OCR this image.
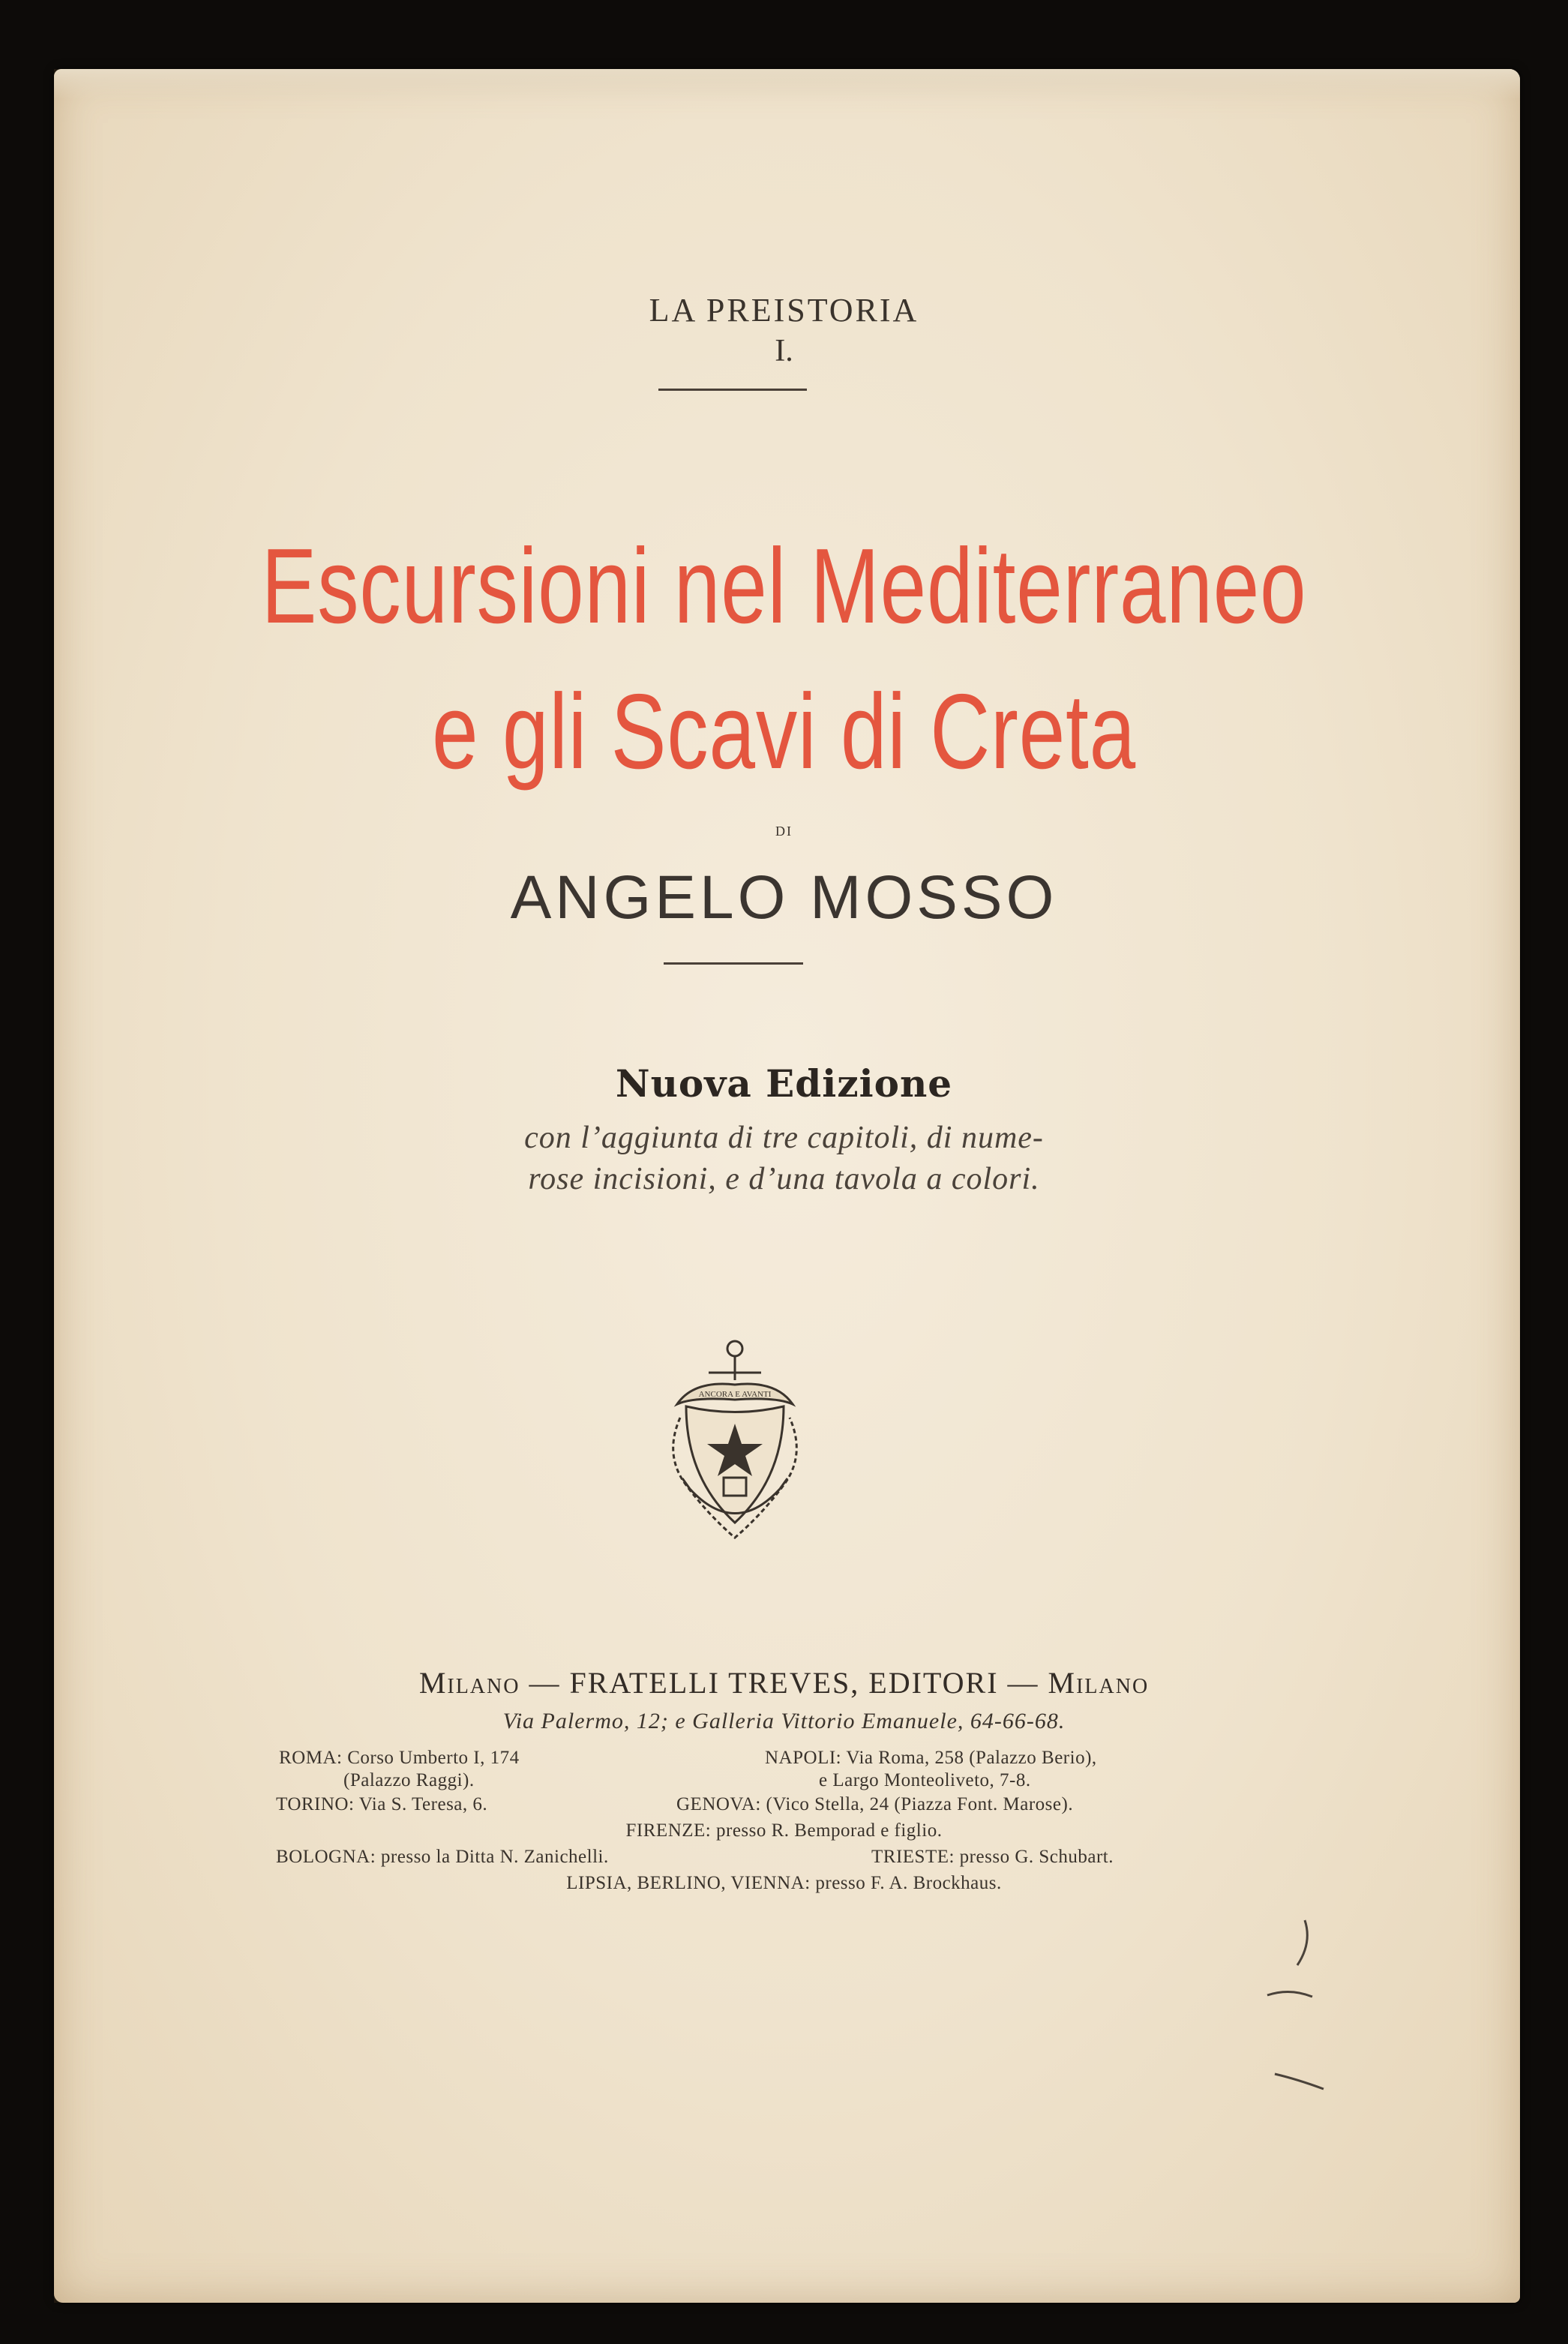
LA PREISTORIA
I.
Escursioni nel Mediterraneo
e gli Scavi di Creta
DI
ANGELO MOSSO
Nuova Edizione
con l’aggiunta di tre capitoli, di nume-
rose incisioni, e d’una tavola a colori.
ANCORA E AVANTI
Milano — FRATELLI TREVES, EDITORI — Milano
Via Palermo, 12; e Galleria Vittorio Emanuele, 64-66-68.
ROMA: Corso Umberto I, 174
(Palazzo Raggi).
NAPOLI: Via Roma, 258 (Palazzo Berio),
e Largo Monteoliveto, 7-8.
TORINO: Via S. Teresa, 6.	GENOVA: (Vico Stella, 24 (Piazza Font. Marose).
FIRENZE: presso R. Bemporad e figlio.
BOLOGNA: presso la Ditta N. Zanichelli.	TRIESTE: presso G. Schubart.
LIPSIA, BERLINO, VIENNA: presso F. A. Brockhaus.
